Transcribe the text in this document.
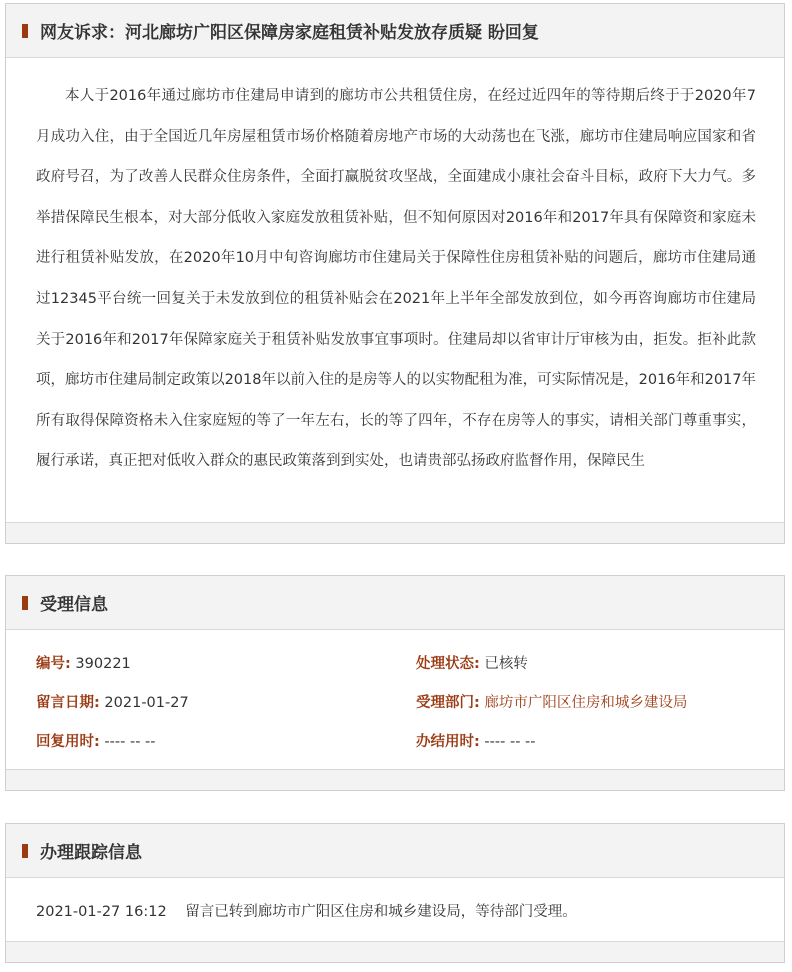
网友诉求：河北廊坊广阳区保障房家庭租赁补贴发放存质疑 盼回复
本人于2016年通过廊坊市住建局申请到的廊坊市公共租赁住房，在经过近四年的等待期后终于于2020年7月成功入住，由于全国近几年房屋租赁市场价格随着房地产市场的大动荡也在飞涨，廊坊市住建局响应国家和省政府号召，为了改善人民群众住房条件，全面打赢脱贫攻坚战，全面建成小康社会奋斗目标，政府下大力气。多举措保障民生根本，对大部分低收入家庭发放租赁补贴，但不知何原因对2016年和2017年具有保障资和家庭未进行租赁补贴发放，在2020年10月中旬咨询廊坊市住建局关于保障性住房租赁补贴的问题后，廊坊市住建局通过12345平台统一回复关于未发放到位的租赁补贴会在2021年上半年全部发放到位，如今再咨询廊坊市住建局关于2016年和2017年保障家庭关于租赁补贴发放事宜事项时。住建局却以省审计厅审核为由，拒发。拒补此款项，廊坊市住建局制定政策以2018年以前入住的是房等人的以实物配租为准，可实际情况是，2016年和2017年所有取得保障资格未入住家庭短的等了一年左右，长的等了四年，不存在房等人的事实，请相关部门尊重事实，履行承诺，真正把对低收入群众的惠民政策落到到实处，也请贵部弘扬政府监督作用，保障民生
受理信息
编号: 390221	处理状态: 已核转
留言日期: 2021-01-27	受理部门: 廊坊市广阳区住房和城乡建设局
回复用时: ---- -- --	办结用时: ---- -- --
办理跟踪信息
2021-01-27 16:12 留言已转到廊坊市广阳区住房和城乡建设局，等待部门受理。
